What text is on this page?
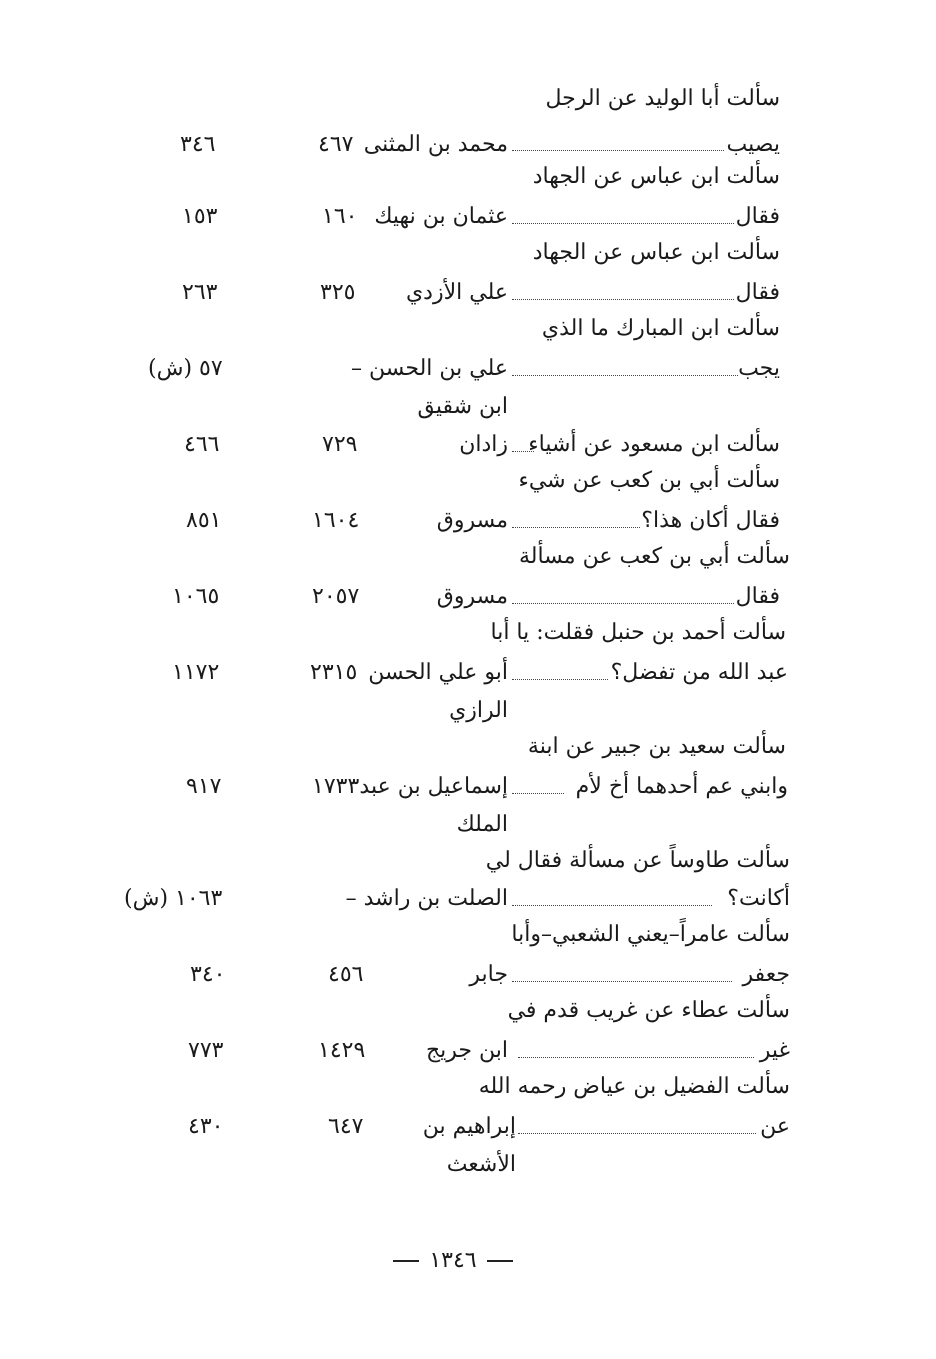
سألت أبا الوليد عن الرجل
يصيب
محمد بن المثنى
٤٦٧
٣٤٦
سألت ابن عباس عن الجهاد
فقال
عثمان بن نهيك
١٦٠
١٥٣
سألت ابن عباس عن الجهاد
فقال
علي الأزدي
٣٢٥
٢٦٣
سألت ابن المبارك ما الذي
يجب
علي بن الحسن –
ابن شقيق
٥٧ (ش)
سألت ابن مسعود عن أشياء
زادان
٧٢٩
٤٦٦
سألت أبي بن كعب عن شيء
فقال أكان هذا؟
مسروق
١٦٠٤
٨٥١
سألت أبي بن كعب عن مسألة
فقال
مسروق
٢٠٥٧
١٠٦٥
سألت أحمد بن حنبل فقلت: يا أبا
عبد الله من تفضل؟
أبو علي الحسن
الرازي
٢٣١٥
١١٧٢
سألت سعيد بن جبير عن ابنة
وابني عم أحدهما أخ لأم
إسماعيل بن عبد
الملك
١٧٣٣
٩١٧
سألت طاوساً عن مسألة فقال لي
أكانت؟
الصلت بن راشد –
١٠٦٣ (ش)
سألت عامراً–يعني الشعبي–وأبا
جعفر
جابر
٤٥٦
٣٤٠
سألت عطاء عن غريب قدم في
غير
ابن جريج
١٤٢٩
٧٧٣
سألت الفضيل بن عياض رحمه الله
عن
إبراهيم بن
الأشعث
٦٤٧
٤٣٠
١٣٤٦
